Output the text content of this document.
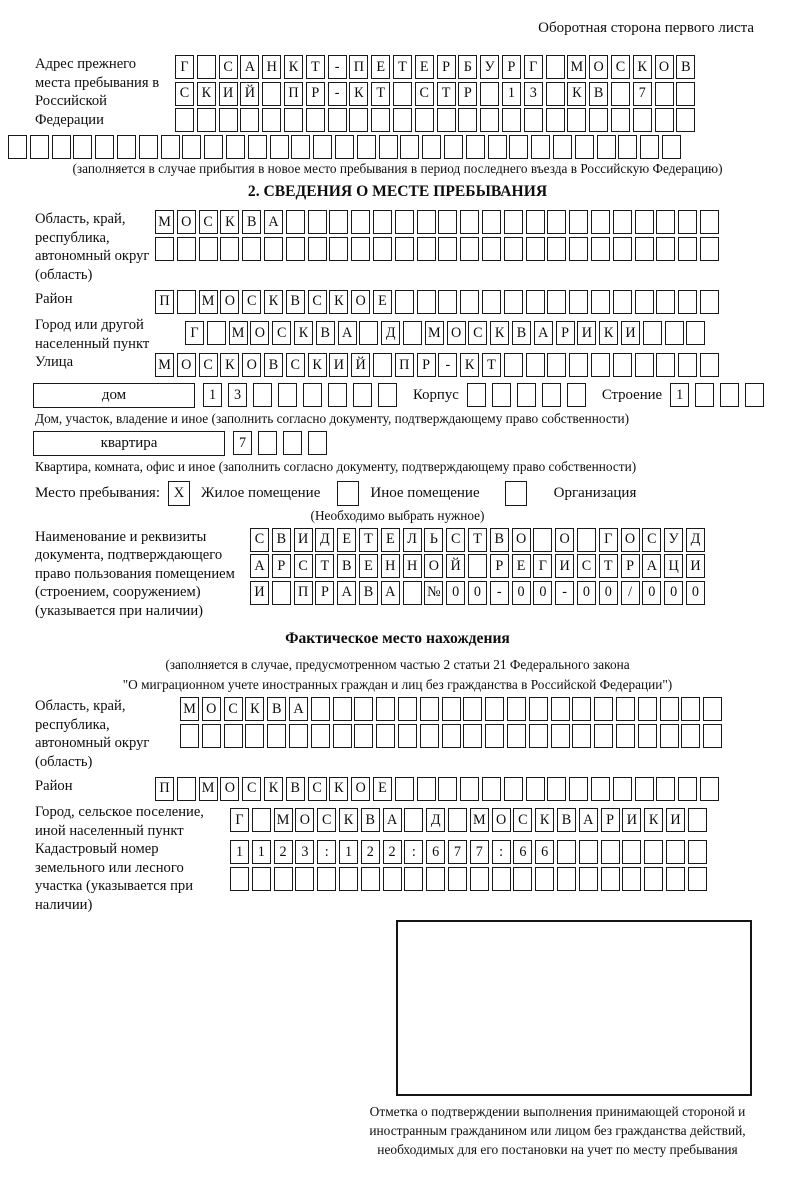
Оборотная сторона первого листа
Адрес прежнего места пребывания в Российской Федерации
Г	С А Н К Т	-	П Е Т Е Р Б У Р Г	М О С К О В
С К И Й	П Р	-	К Т	С Т Р	1	3	К В	7
(заполняется в случае прибытия в новое место пребывания в период последнего въезда в Российскую Федерацию)
2. СВЕДЕНИЯ О МЕСТЕ ПРЕБЫВАНИЯ
Область, край, республика, автономный округ (область)
М О С К В А
Район	П	М О С К В С К О Е
Город или другой населенный пункт
Г	М О С К В А	Д	М О С К В А Р И К И
Улица	М О С К О В С К И Й	П Р	-	К Т
дом	1	3	Корпус	Строение 1
Дом, участок, владение и иное (заполнить согласно документу, подтверждающему право собственности)
квартира	7
Квартира, комната, офис и иное (заполнить согласно документу, подтверждающему право собственности)
Место пребывания: X	Жилое помещение	Иное помещение	Организация
(Необходимо выбрать нужное)
Наименование и реквизиты документа, подтверждающего право пользования помещением (строением, сооружением) (указывается при наличии)
С В И Д Е Т Е Л Ь С Т В О	О	Г О С У Д
А Р С Т В Е Н Н О Й	Р Е Г И С Т Р А Ц И
И	П Р А В А	№ 0	0	-	0	0	-	0	0	/	0	0	0
Фактическое место нахождения
(заполняется в случае, предусмотренном частью 2 статьи 21 Федерального закона
"О миграционном учете иностранных граждан и лиц без гражданства в Российской Федерации")
Область, край, республика, автономный округ (область)
М О С К В А
Район	П	М О С К В С К О Е
Город, сельское поселение, иной населенный пункт
Г	М О С К В А	Д	М О С К В А Р И К И
Кадастровый номер земельного или лесного участка (указывается при наличии)
1	1	2	3	:	1	2	2	:	6	7	7	:	6	6
Отметка о подтверждении выполнения принимающей стороной и иностранным гражданином или лицом без гражданства действий, необходимых для его постановки на учет по месту пребывания
